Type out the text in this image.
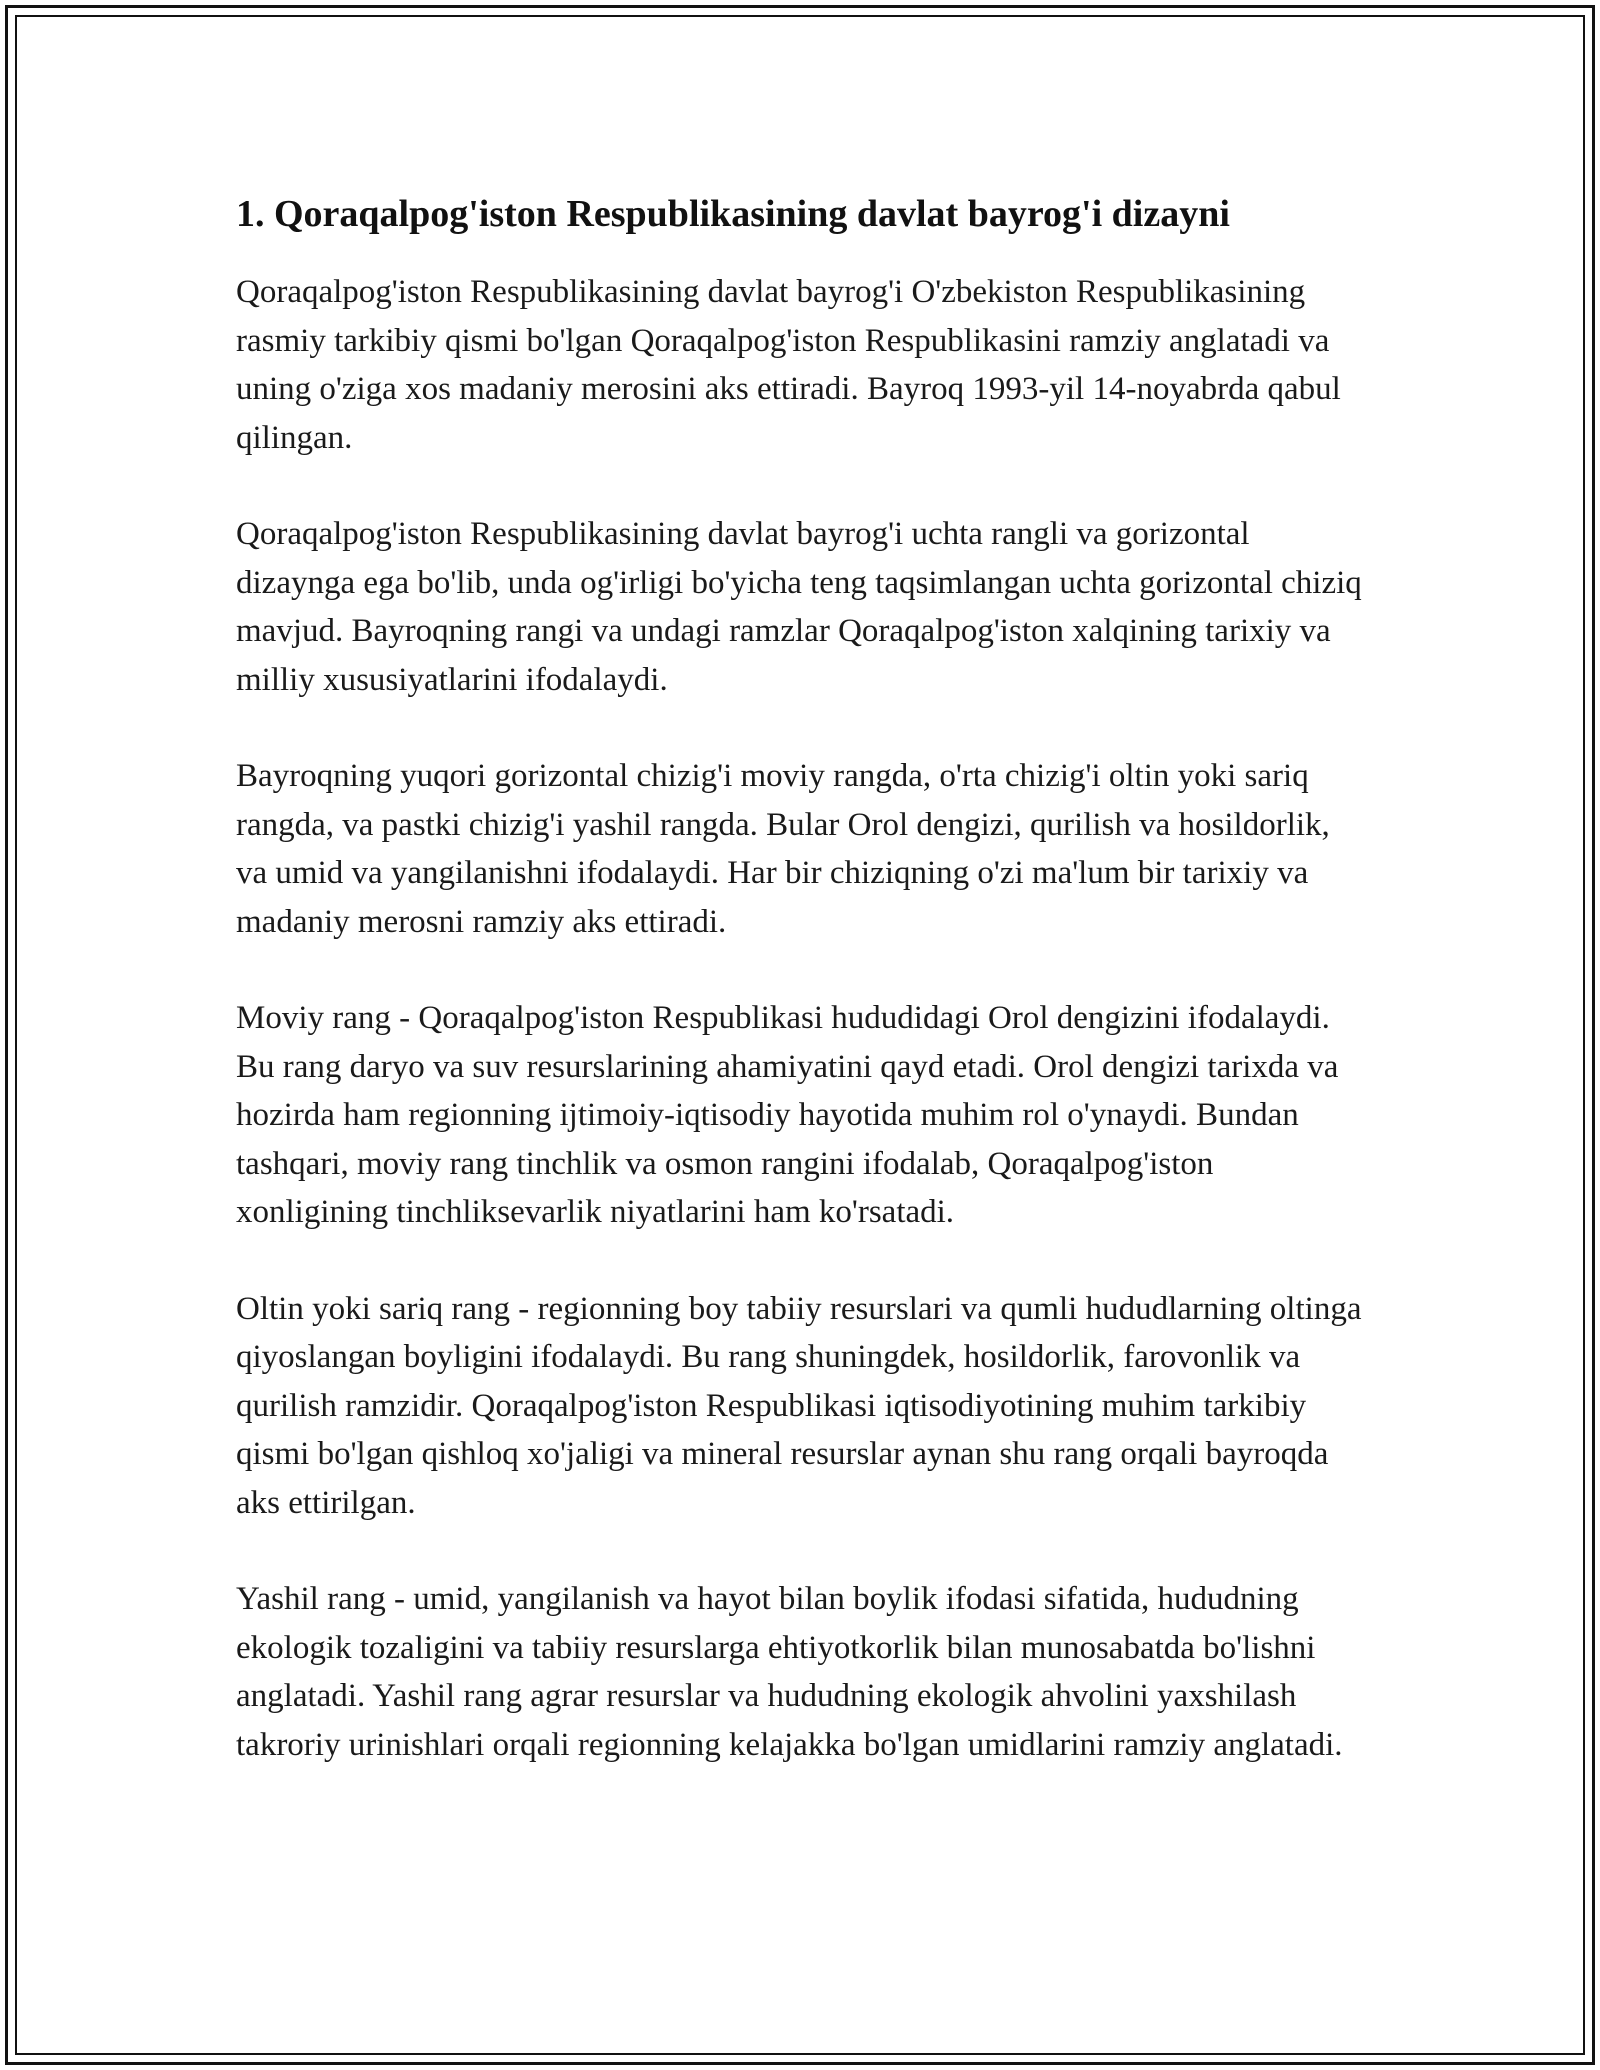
1. Qoraqalpog'iston Respublikasining davlat bayrog'i dizayni

Qoraqalpog'iston Respublikasining davlat bayrog'i O'zbekiston Respublikasining rasmiy tarkibiy qismi bo'lgan Qoraqalpog'iston Respublikasini ramziy anglatadi va uning o'ziga xos madaniy merosini aks ettiradi. Bayroq 1993-yil 14-noyabrda qabul qilingan.

Qoraqalpog'iston Respublikasining davlat bayrog'i uchta rangli va gorizontal dizaynga ega bo'lib, unda og'irligi bo'yicha teng taqsimlangan uchta gorizontal chiziq mavjud. Bayroqning rangi va undagi ramzlar Qoraqalpog'iston xalqining tarixiy va milliy xususiyatlarini ifodalaydi.

Bayroqning yuqori gorizontal chizig'i moviy rangda, o'rta chizig'i oltin yoki sariq rangda, va pastki chizig'i yashil rangda. Bular Orol dengizi, qurilish va hosildorlik, va umid va yangilanishni ifodalaydi. Har bir chiziqning o'zi ma'lum bir tarixiy va madaniy merosni ramziy aks ettiradi.

Moviy rang - Qoraqalpog'iston Respublikasi hududidagi Orol dengizini ifodalaydi. Bu rang daryo va suv resurslarining ahamiyatini qayd etadi. Orol dengizi tarixda va hozirda ham regionning ijtimoiy-iqtisodiy hayotida muhim rol o'ynaydi. Bundan tashqari, moviy rang tinchlik va osmon rangini ifodalab, Qoraqalpog'iston xonligining tinchliksevarlik niyatlarini ham ko'rsatadi.

Oltin yoki sariq rang - regionning boy tabiiy resurslari va qumli hududlarning oltinga qiyoslangan boyligini ifodalaydi. Bu rang shuningdek, hosildorlik, farovonlik va qurilish ramzidir. Qoraqalpog'iston Respublikasi iqtisodiyotining muhim tarkibiy qismi bo'lgan qishloq xo'jaligi va mineral resurslar aynan shu rang orqali bayroqda aks ettirilgan.

Yashil rang - umid, yangilanish va hayot bilan boylik ifodasi sifatida, hududning ekologik tozaligini va tabiiy resurslarga ehtiyotkorlik bilan munosabatda bo'lishni anglatadi. Yashil rang agrar resurslar va hududning ekologik ahvolini yaxshilash takroriy urinishlari orqali regionning kelajakka bo'lgan umidlarini ramziy anglatadi.
